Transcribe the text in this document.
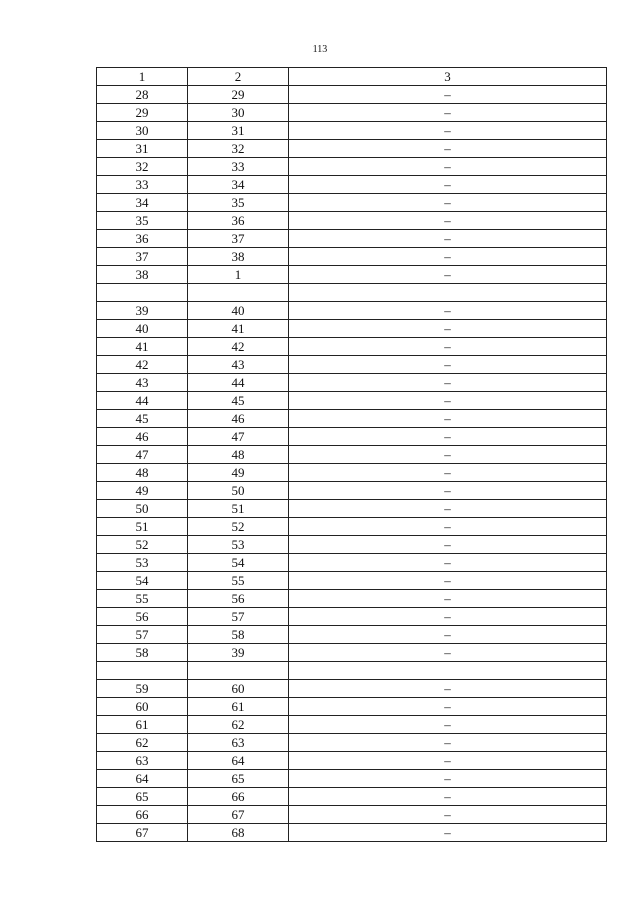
113
1	2	3
28	29	–
29	30	–
30	31	–
31	32	–
32	33	–
33	34	–
34	35	–
35	36	–
36	37	–
37	38	–
38	1	–

39	40	–
40	41	–
41	42	–
42	43	–
43	44	–
44	45	–
45	46	–
46	47	–
47	48	–
48	49	–
49	50	–
50	51	–
51	52	–
52	53	–
53	54	–
54	55	–
55	56	–
56	57	–
57	58	–
58	39	–

59	60	–
60	61	–
61	62	–
62	63	–
63	64	–
64	65	–
65	66	–
66	67	–
67	68	–
